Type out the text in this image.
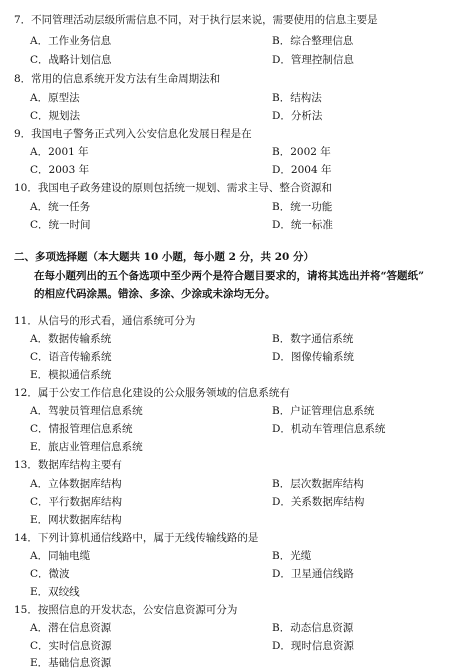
7．不同管理活动层级所需信息不同，对于执行层来说，需要使用的信息主要是
A．工作业务信息	B．综合整理信息
C．战略计划信息	D．管理控制信息
8．常用的信息系统开发方法有生命周期法和
A．原型法	B．结构法
C．规划法	D．分析法
9．我国电子警务正式列入公安信息化发展日程是在
A．2001 年	B．2002 年
C．2003 年	D．2004 年
10．我国电子政务建设的原则包括统一规划、需求主导、整合资源和
A．统一任务	B．统一功能
C．统一时间	D．统一标准
二、多项选择题（本大题共 10 小题，每小题 2 分，共 20 分）
在每小题列出的五个备选项中至少两个是符合题目要求的，请将其选出并将“答题纸”
的相应代码涂黑。错涂、多涂、少涂或未涂均无分。
11．从信号的形式看，通信系统可分为
A．数据传输系统	B．数字通信系统
C．语音传输系统	D．图像传输系统
E．模拟通信系统
12．属于公安工作信息化建设的公众服务领域的信息系统有
A．驾驶员管理信息系统	B．户证管理信息系统
C．情报管理信息系统	D．机动车管理信息系统
E．旅店业管理信息系统
13．数据库结构主要有
A．立体数据库结构	B．层次数据库结构
C．平行数据库结构	D．关系数据库结构
E．网状数据库结构
14．下列计算机通信线路中，属于无线传输线路的是
A．同轴电缆	B．光缆
C．微波	D．卫星通信线路
E．双绞线
15．按照信息的开发状态，公安信息资源可分为
A．潜在信息资源	B．动态信息资源
C．实时信息资源	D．现时信息资源
E．基础信息资源
